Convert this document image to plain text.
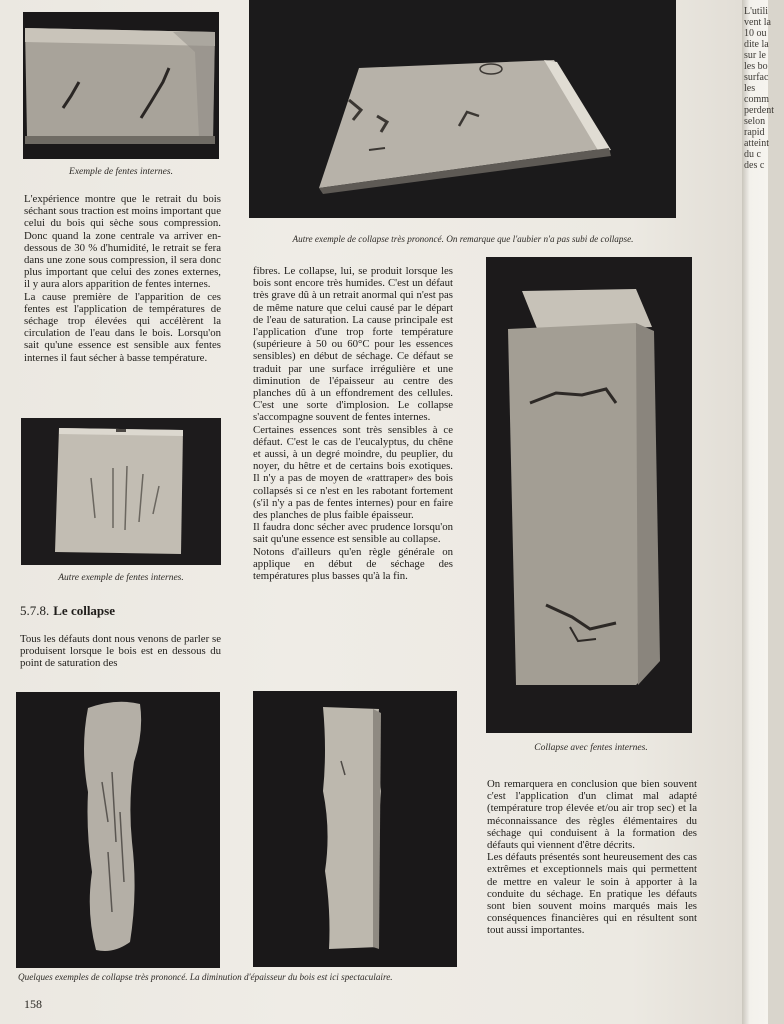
Exemple de fentes internes.
Autre exemple de collapse très prononcé. On remarque que l'aubier n'a pas subi de collapse.

L'expérience montre que le retrait du bois séchant sous traction est moins important que celui du bois qui sèche sous compression. Donc quand la zone centrale va arriver en-dessous de 30 % d'humidité, le retrait se fera dans une zone sous compression, il sera donc plus important que celui des zones externes, il y aura alors apparition de fentes internes.

La cause première de l'apparition de ces fentes est l'application de températures de séchage trop élevées qui accélèrent la circulation de l'eau dans le bois. Lorsqu'on sait qu'une essence est sensible aux fentes internes il faut sécher à basse température.

Autre exemple de fentes internes.
5.7.8. Le collapse

Tous les défauts dont nous venons de parler se produisent lorsque le bois est en dessous du point de saturation des

fibres. Le collapse, lui, se produit lorsque les bois sont encore très humides. C'est un défaut très grave dû à un retrait anormal qui n'est pas de même nature que celui causé par le départ de l'eau de saturation. La cause principale est l'application d'une trop forte température (supérieure à 50 ou 60°C pour les essences sensibles) en début de séchage. Ce défaut se traduit par une surface irrégulière et une diminution de l'épaisseur au centre des planches dû à un effondrement des cellules. C'est une sorte d'implosion. Le collapse s'accompagne souvent de fentes internes.

Certaines essences sont très sensibles à ce défaut. C'est le cas de l'eucalyptus, du chêne et aussi, à un degré moindre, du peuplier, du noyer, du hêtre et de certains bois exotiques. Il n'y a pas de moyen de «rattraper» des bois collapsés si ce n'est en les rabotant fortement (s'il n'y a pas de fentes internes) pour en faire des planches de plus faible épaisseur.

Il faudra donc sécher avec prudence lorsqu'on sait qu'une essence est sensible au collapse.

Notons d'ailleurs qu'en règle générale on applique en début de séchage des températures plus basses qu'à la fin.

Collapse avec fentes internes.

On remarquera en conclusion que bien souvent c'est l'application d'un climat mal adapté (température trop élevée et/ou air trop sec) et la méconnaissance des règles élémentaires du séchage qui conduisent à la formation des défauts qui viennent d'être décrits.

Les défauts présentés sont heureusement des cas extrêmes et exceptionnels mais qui permettent de mettre en valeur le soin à apporter à la conduite du séchage. En pratique les défauts sont bien souvent moins marqués mais les conséquences financières qui en résultent sont tout aussi importantes.

Quelques exemples de collapse très prononcé. La diminution d'épaisseur du bois est ici spectaculaire.
158
L'utili
vent la
10 ou
dite la
sur le
les bo
surfac
les
comm
perdent
selon
rapid
atteint
du c
des c
